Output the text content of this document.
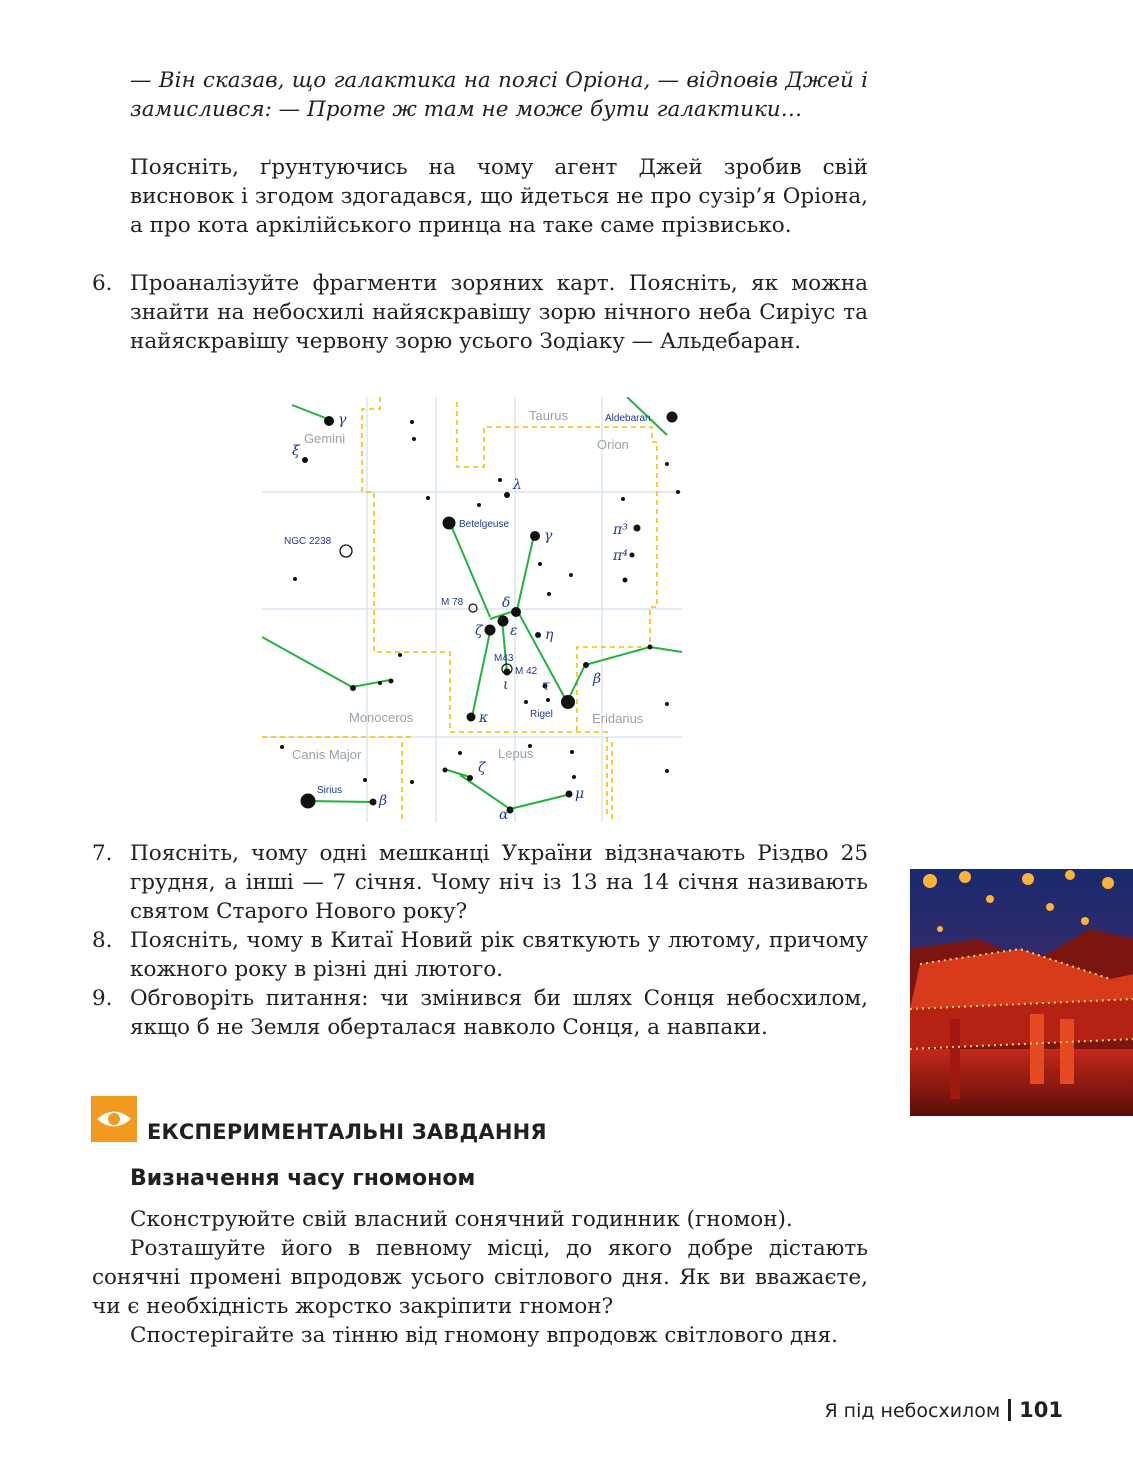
— Він сказав, що галактика на поясі Оріона, — відповів Джей і замислився: — Проте ж там не може бути галактики…

Поясніть, ґрунтуючись на чому агент Джей зробив свій висновок і згодом здогадався, що йдеться не про сузір’я Оріона, а про кота аркілійського принца на таке саме прізвисько.

6. Проаналізуйте фрагменти зоряних карт. Поясніть, як можна знайти на небосхилі найяскравішу зорю нічного неба Сиріус та найяскравішу червону зорю усього Зодіаку — Альдебаран.
Taurus
Gemini	Orion
Monoceros	Eridanus
Canis Major	Lepus
Aldebaran
NGC 2238
Betelgeuse
M 78
M43
M 42
Rigel
Sirius
γ
ξ
λ
γ	π³
π⁴
δ
ζ ε η
ι τ	β
κ
ζ
β	μ
α
7. Поясніть, чому одні мешканці України відзначають Різдво 25 грудня, а інші — 7 січня. Чому ніч із 13 на 14 січня називають святом Старого Нового року?
8. Поясніть, чому в Китаї Новий рік святкують у лютому, причому кожного року в різні дні лютого.
9. Обговоріть питання: чи змінився би шлях Сонця небосхилом, якщо б не Земля оберталася навколо Сонця, а навпаки.
ЕКСПЕРИМЕНТАЛЬНІ ЗАВДАННЯ
Визначення часу гномоном

Сконструюйте свій власний сонячний годинник (гномон).

Розташуйте його в певному місці, до якого добре дістають сонячні промені впродовж усього світлового дня. Як ви вважаєте, чи є необхідність жорстко закріпити гномон?

Спостерігайте за тінню від гномону впродовж світлового дня.

Я під небосхилом 101
